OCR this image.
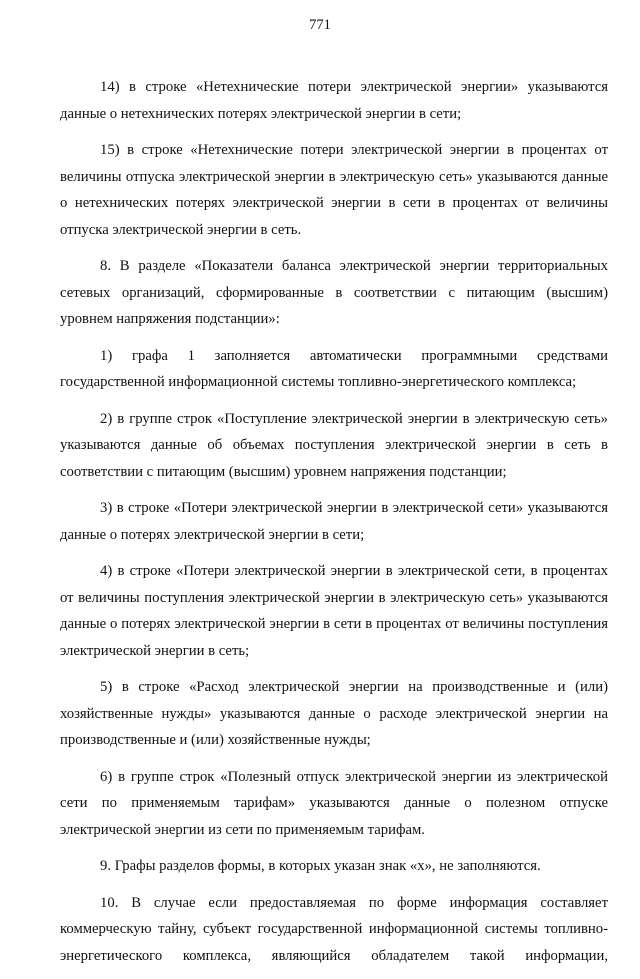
771

14) в строке «Нетехнические потери электрической энергии» указываются данные о нетехнических потерях электрической энергии в сети;

15) в строке «Нетехнические потери электрической энергии в процентах от величины отпуска электрической энергии в электрическую сеть» указываются данные о нетехнических потерях электрической энергии в сети в процентах от величины отпуска электрической энергии в сеть.

8. В разделе «Показатели баланса электрической энергии территориальных сетевых организаций, сформированные в соответствии с питающим (высшим) уровнем напряжения подстанции»:

1) графа 1 заполняется автоматически программными средствами государственной информационной системы топливно-энергетического комплекса;

2) в группе строк «Поступление электрической энергии в электрическую сеть» указываются данные об объемах поступления электрической энергии в сеть в соответствии с питающим (высшим) уровнем напряжения подстанции;

3) в строке «Потери электрической энергии в электрической сети» указываются данные о потерях электрической энергии в сети;

4) в строке «Потери электрической энергии в электрической сети, в процентах от величины поступления электрической энергии в электрическую сеть» указываются данные о потерях электрической энергии в сети в процентах от величины поступления электрической энергии в сеть;

5) в строке «Расход электрической энергии на производственные и (или) хозяйственные нужды» указываются данные о расходе электрической энергии на производственные и (или) хозяйственные нужды;

6) в группе строк «Полезный отпуск электрической энергии из электрической сети по применяемым тарифам» указываются данные о полезном отпуске электрической энергии из сети по применяемым тарифам.

9. Графы разделов формы, в которых указан знак «х», не заполняются.

10. В случае если предоставляемая по форме информация составляет коммерческую тайну, субъект государственной информационной системы топливно-энергетического комплекса, являющийся обладателем такой информации,
